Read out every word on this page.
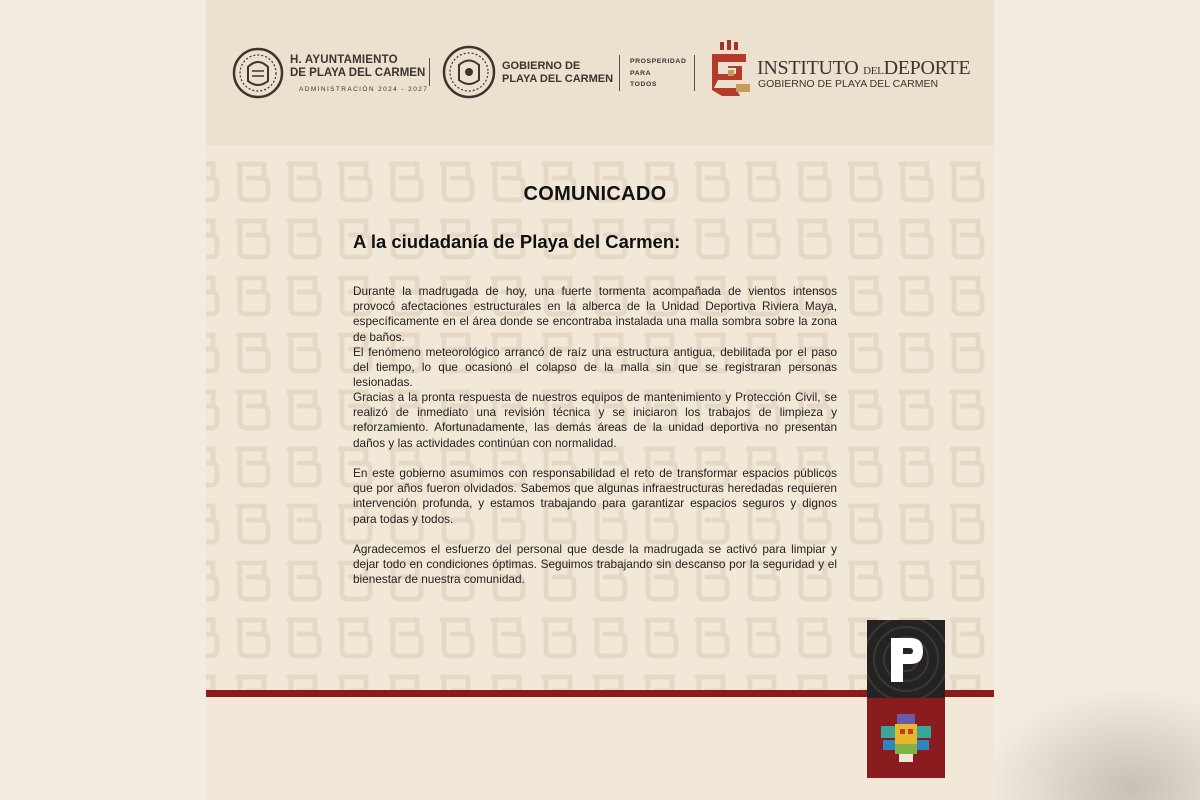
H. AYUNTAMIENTO
DE PLAYA DEL CARMEN
ADMINISTRACIÓN 2024 - 2027
GOBIERNO DE
PLAYA DEL CARMEN
PROSPERIDAD
PARA
TODOS
INSTITUTO DELDEPORTE
GOBIERNO DE PLAYA DEL CARMEN
COMUNICADO
A la ciudadanía de Playa del Carmen:

Durante la madrugada de hoy, una fuerte tormenta acompañada de vientos intensos provocó afectaciones estructurales en la alberca de la Unidad Deportiva Riviera Maya, específicamente en el área donde se encontraba instalada una malla sombra sobre la zona de baños.

El fenómeno meteorológico arrancó de raíz una estructura antigua, debilitada por el paso del tiempo, lo que ocasionó el colapso de la malla sin que se registraran personas lesionadas.

Gracias a la pronta respuesta de nuestros equipos de mantenimiento y Protección Civil, se realizó de inmediato una revisión técnica y se iniciaron los trabajos de limpieza y reforzamiento. Afortunadamente, las demás áreas de la unidad deportiva no presentan daños y las actividades continúan con normalidad.

En este gobierno asumimos con responsabilidad el reto de transformar espacios públicos que por años fueron olvidados. Sabemos que algunas infraestructuras heredadas requieren intervención profunda, y estamos trabajando para garantizar espacios seguros y dignos para todas y todos.

Agradecemos el esfuerzo del personal que desde la madrugada se activó para limpiar y dejar todo en condiciones óptimas. Seguimos trabajando sin descanso por la seguridad y el bienestar de nuestra comunidad.
